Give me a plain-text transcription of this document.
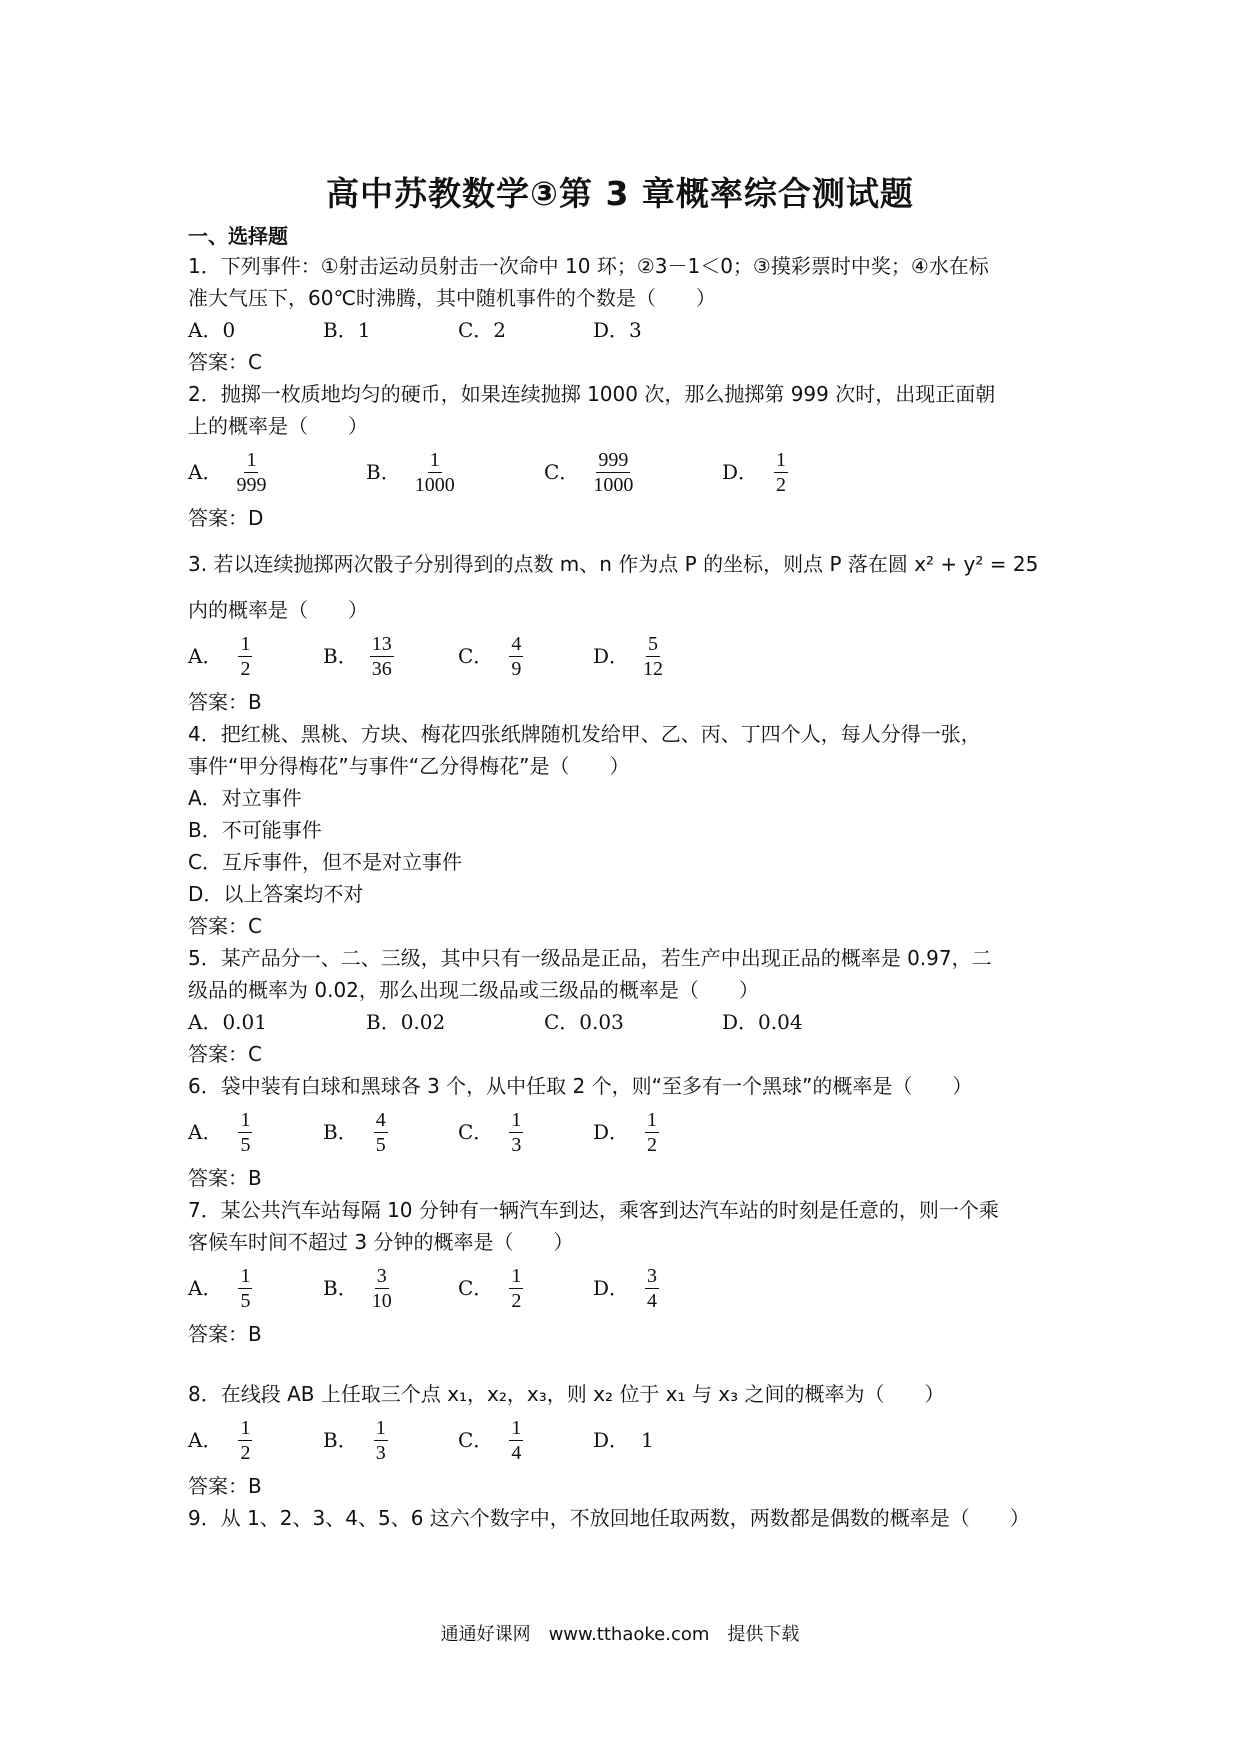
高中苏教数学③第 3 章概率综合测试题
一、选择题
1．下列事件：①射击运动员射击一次命中 10 环；②3－1＜0；③摸彩票时中奖；④水在标
准大气压下，60℃时沸腾，其中随机事件的个数是（　　）
A．0	B．1	C．2	D．3
答案：C
2．抛掷一枚质地均匀的硬币，如果连续抛掷 1000 次，那么抛掷第 999 次时，出现正面朝
上的概率是（　　）
A． $\frac{1}{999}$	B． $\frac{1}{1000}$	C． $\frac{999}{1000}$	D． $\frac{1}{2}$
答案：D
3. 若以连续抛掷两次骰子分别得到的点数 m、n 作为点 P 的坐标，则点 P 落在圆 x² + y² = 25
内的概率是（　　）
A． $\frac{1}{2}$	B． $\frac{13}{36}$	C． $\frac{4}{9}$	D． $\frac{5}{12}$
答案：B
4．把红桃、黑桃、方块、梅花四张纸牌随机发给甲、乙、丙、丁四个人，每人分得一张，
事件“甲分得梅花”与事件“乙分得梅花”是（　　）
A．对立事件
B．不可能事件
C．互斥事件，但不是对立事件
D．以上答案均不对
答案：C
5．某产品分一、二、三级，其中只有一级品是正品，若生产中出现正品的概率是 0.97，二
级品的概率为 0.02，那么出现二级品或三级品的概率是（　　）
A．0.01	B．0.02	C．0.03	D．0.04
答案：C
6．袋中装有白球和黑球各 3 个，从中任取 2 个，则“至多有一个黑球”的概率是（　　）
A． $\frac{1}{5}$	B． $\frac{4}{5}$	C． $\frac{1}{3}$	D． $\frac{1}{2}$
答案：B
7．某公共汽车站每隔 10 分钟有一辆汽车到达，乘客到达汽车站的时刻是任意的，则一个乘
客候车时间不超过 3 分钟的概率是（　　）
A． $\frac{1}{5}$	B． $\frac{3}{10}$	C． $\frac{1}{2}$	D． $\frac{3}{4}$
答案：B
8．在线段 AB 上任取三个点 x₁，x₂，x₃，则 x₂ 位于 x₁ 与 x₃ 之间的概率为（　　）
A． $\frac{1}{2}$	B． $\frac{1}{3}$	C． $\frac{1}{4}$	D． 1
答案：B
9．从 1、2、3、4、5、6 这六个数字中，不放回地任取两数，两数都是偶数的概率是（　　）
通通好课网　www.tthaoke.com　提供下载
